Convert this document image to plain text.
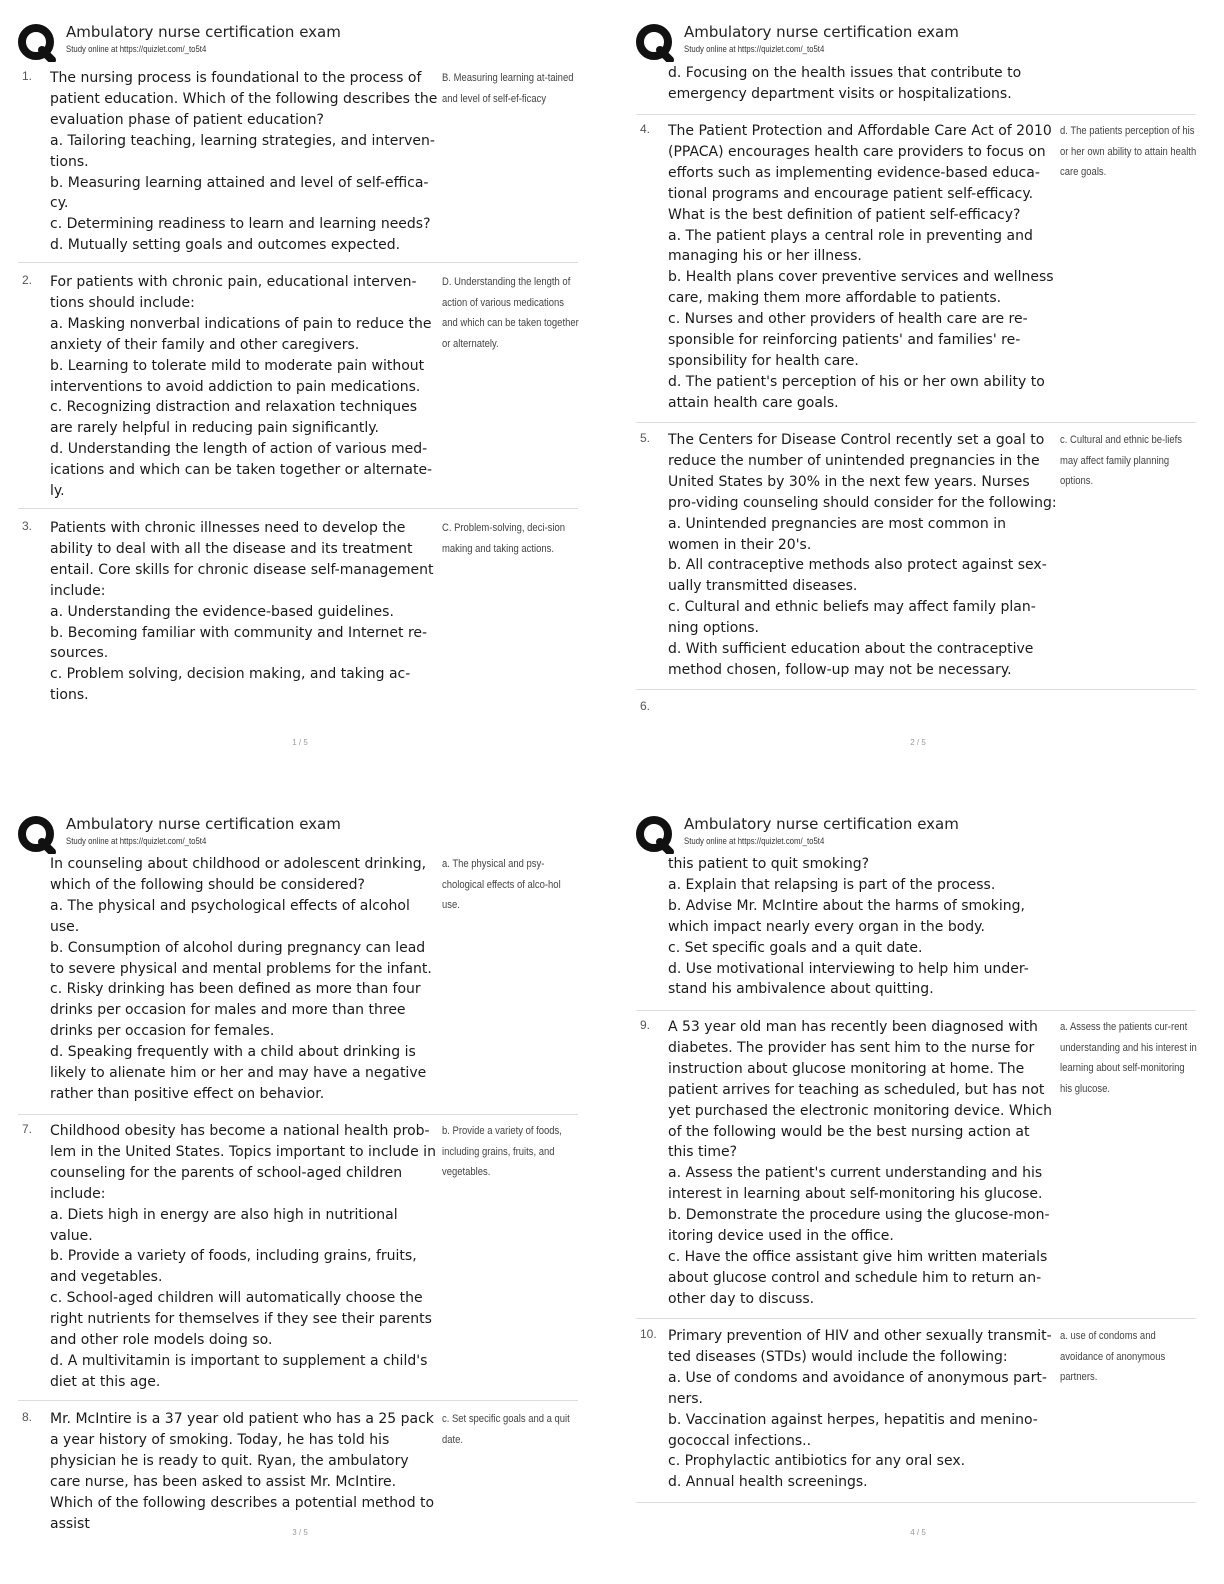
Ambulatory nurse certification exam
Study online at https://quizlet.com/_to5t4
1. The nursing process is foundational to the process of patient education. Which of the following describes the evaluation phase of patient education?
a. Tailoring teaching, learning strategies, and interven-tions.
b. Measuring learning attained and level of self-effica-cy.
c. Determining readiness to learn and learning needs?
d. Mutually setting goals and outcomes expected.
B. Measuring learning at-tained and level of self-ef-ficacy
2. For patients with chronic pain, educational interven-tions should include:
a. Masking nonverbal indications of pain to reduce the anxiety of their family and other caregivers.
b. Learning to tolerate mild to moderate pain without interventions to avoid addiction to pain medications.
c. Recognizing distraction and relaxation techniques are rarely helpful in reducing pain significantly.
d. Understanding the length of action of various med-ications and which can be taken together or alternate-ly.
D. Understanding the length of action of various medications and which can be taken together or alternately.
3. Patients with chronic illnesses need to develop the ability to deal with all the disease and its treatment entail. Core skills for chronic disease self-management include:
a. Understanding the evidence-based guidelines.
b. Becoming familiar with community and Internet re-sources.
c. Problem solving, decision making, and taking ac-tions.
C. Problem-solving, deci-sion making and taking actions.
1 / 5
Ambulatory nurse certification exam
Study online at https://quizlet.com/_to5t4
d. Focusing on the health issues that contribute to emergency department visits or hospitalizations.
4. The Patient Protection and Affordable Care Act of 2010 (PPACA) encourages health care providers to focus on efforts such as implementing evidence-based educa-tional programs and encourage patient self-efficacy. What is the best definition of patient self-efficacy?
a. The patient plays a central role in preventing and managing his or her illness.
b. Health plans cover preventive services and wellness care, making them more affordable to patients.
c. Nurses and other providers of health care are re-sponsible for reinforcing patients' and families' re-sponsibility for health care.
d. The patient's perception of his or her own ability to attain health care goals.
d. The patients perception of his or her own ability to attain health care goals.
5. The Centers for Disease Control recently set a goal to reduce the number of unintended pregnancies in the United States by 30% in the next few years. Nurses pro-viding counseling should consider for the following:
a. Unintended pregnancies are most common in women in their 20's.
b. All contraceptive methods also protect against sex-ually transmitted diseases.
c. Cultural and ethnic beliefs may affect family plan-ning options.
d. With sufficient education about the contraceptive method chosen, follow-up may not be necessary.
c. Cultural and ethnic be-liefs may affect family planning options.
6.
2 / 5
Ambulatory nurse certification exam
Study online at https://quizlet.com/_to5t4
In counseling about childhood or adolescent drinking, which of the following should be considered?
a. The physical and psychological effects of alcohol use.
b. Consumption of alcohol during pregnancy can lead to severe physical and mental problems for the infant.
c. Risky drinking has been defined as more than four drinks per occasion for males and more than three drinks per occasion for females.
d. Speaking frequently with a child about drinking is likely to alienate him or her and may have a negative rather than positive effect on behavior.
a. The physical and psy-chological effects of alco-hol use.
7. Childhood obesity has become a national health prob-lem in the United States. Topics important to include in counseling for the parents of school-aged children include:
a. Diets high in energy are also high in nutritional value.
b. Provide a variety of foods, including grains, fruits, and vegetables.
c. School-aged children will automatically choose the right nutrients for themselves if they see their parents and other role models doing so.
d. A multivitamin is important to supplement a child's diet at this age.
b. Provide a variety of foods, including grains, fruits, and vegetables.
8. Mr. McIntire is a 37 year old patient who has a 25 pack a year history of smoking. Today, he has told his physician he is ready to quit. Ryan, the ambulatory care nurse, has been asked to assist Mr. McIntire. Which of the following describes a potential method to assist
c. Set specific goals and a quit date.
3 / 5
Ambulatory nurse certification exam
Study online at https://quizlet.com/_to5t4
this patient to quit smoking?
a. Explain that relapsing is part of the process.
b. Advise Mr. McIntire about the harms of smoking, which impact nearly every organ in the body.
c. Set specific goals and a quit date.
d. Use motivational interviewing to help him under-stand his ambivalence about quitting.
9. A 53 year old man has recently been diagnosed with diabetes. The provider has sent him to the nurse for instruction about glucose monitoring at home. The patient arrives for teaching as scheduled, but has not yet purchased the electronic monitoring device. Which of the following would be the best nursing action at this time?
a. Assess the patient's current understanding and his interest in learning about self-monitoring his glucose.
b. Demonstrate the procedure using the glucose-mon-itoring device used in the office.
c. Have the office assistant give him written materials about glucose control and schedule him to return an-other day to discuss.
a. Assess the patients cur-rent understanding and his interest in learning about self-monitoring his glucose.
10. Primary prevention of HIV and other sexually transmit-ted diseases (STDs) would include the following:
a. Use of condoms and avoidance of anonymous part-ners.
b. Vaccination against herpes, hepatitis and menino-gococcal infections..
c. Prophylactic antibiotics for any oral sex.
d. Annual health screenings.
a. use of condoms and avoidance of anonymous partners.
4 / 5
